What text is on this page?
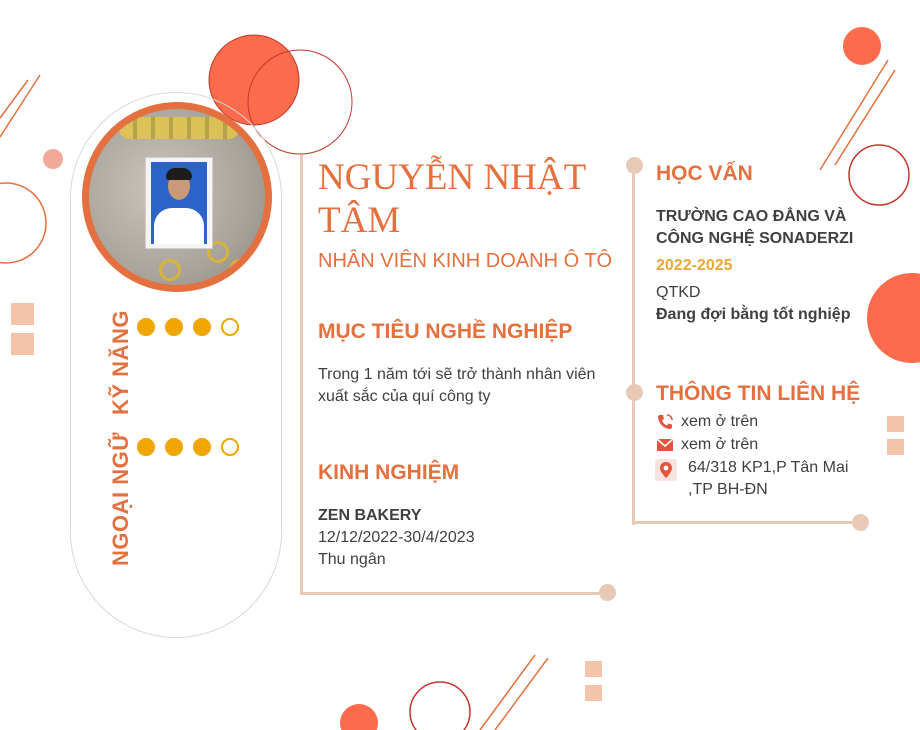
KỸ NĂNG
NGOẠI NGỮ
NGUYỄN NHẬT TÂM
NHÂN VIÊN KINH DOANH Ô TÔ
MỤC TIÊU NGHỀ NGHIỆP
Trong 1 năm tới sẽ trở thành nhân viên xuất sắc của quí công ty
KINH NGHIỆM
ZEN BAKERY
12/12/2022-30/4/2023
Thu ngân
HỌC VẤN
TRƯỜNG CAO ĐẲNG VÀ CÔNG NGHỆ SONADERZI
2022-2025
QTKD
Đang đợi bằng tốt nghiệp
THÔNG TIN LIÊN HỆ
xem ở trên
xem ở trên
64/318 KP1,P Tân Mai ,TP BH-ĐN
